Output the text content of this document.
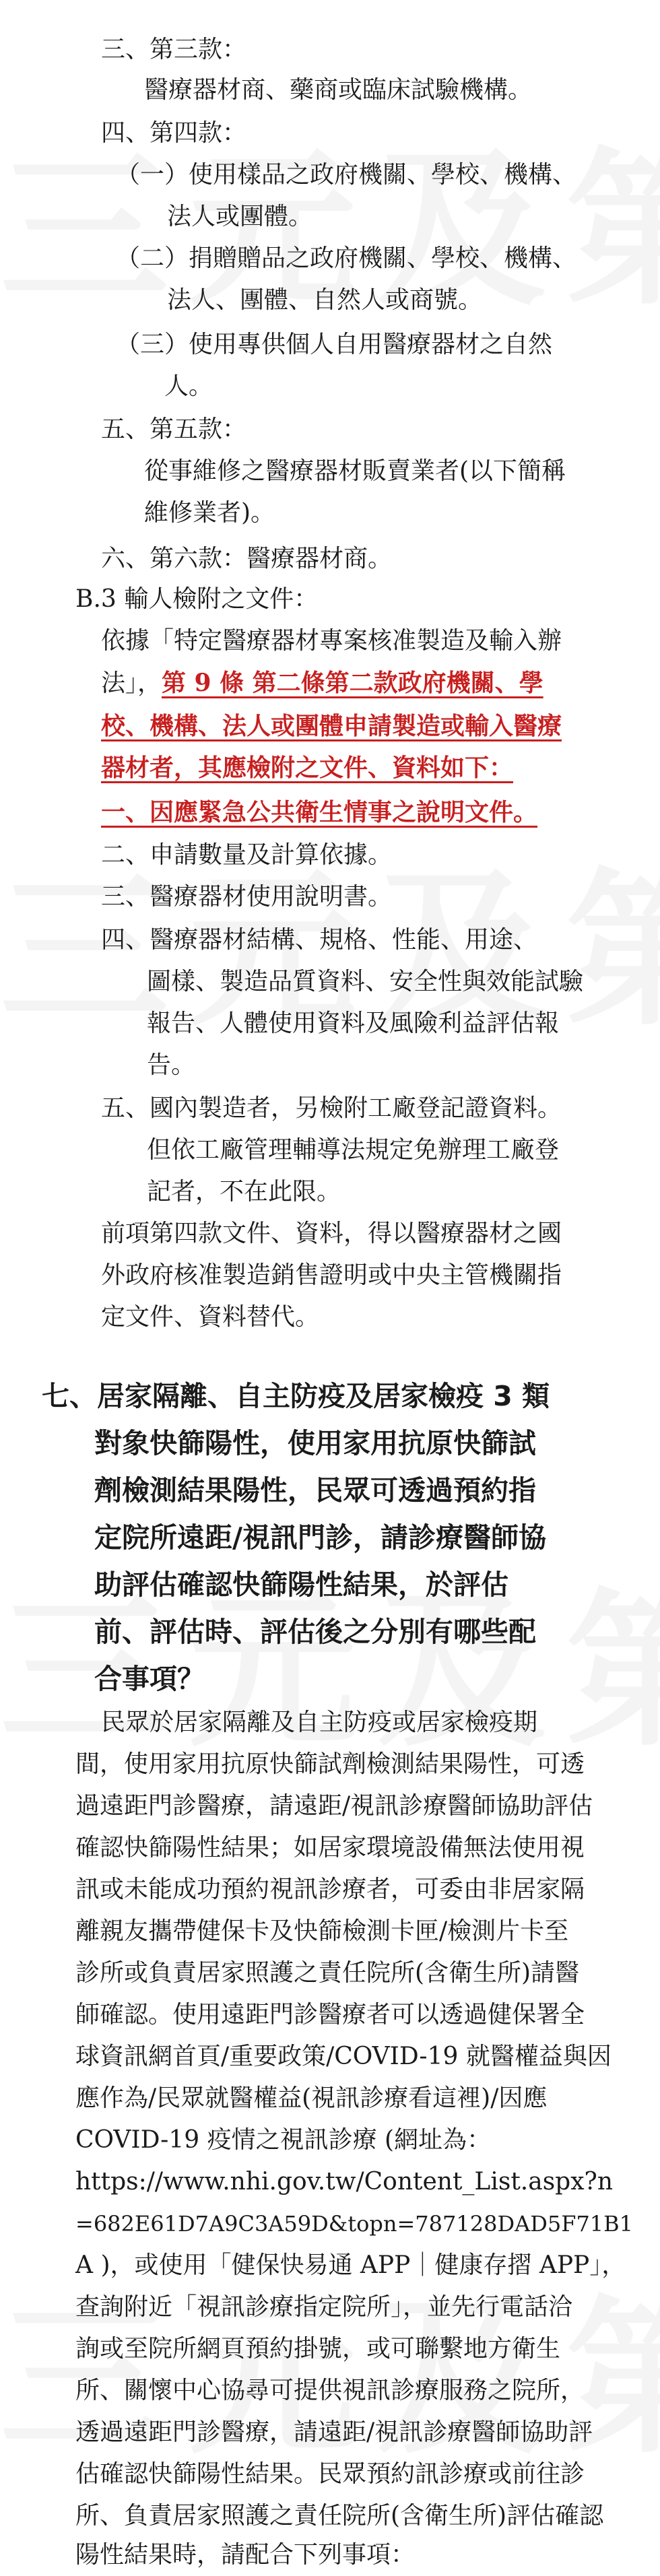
三、第三款：
醫療器材商、藥商或臨床試驗機構。
四、第四款：
（一）使用樣品之政府機關、學校、機構、
法人或團體。
（二）捐贈贈品之政府機關、學校、機構、
法人、團體、自然人或商號。
（三）使用專供個人自用醫療器材之自然
人。
五、第五款：
從事維修之醫療器材販賣業者(以下簡稱
維修業者)。
六、第六款：醫療器材商。
B.3 輸人檢附之文件：
依據「特定醫療器材專案核准製造及輸入辦
法」，第 9 條 第二條第二款政府機關、學
校、機構、法人或團體申請製造或輸入醫療
器材者，其應檢附之文件、資料如下：
一、因應緊急公共衛生情事之說明文件。
二、申請數量及計算依據。
三、醫療器材使用說明書。
四、醫療器材結構、規格、性能、用途、
圖樣、製造品質資料、安全性與效能試驗
報告、人體使用資料及風險利益評估報
告。
五、國內製造者，另檢附工廠登記證資料。
但依工廠管理輔導法規定免辦理工廠登
記者，不在此限。
前項第四款文件、資料，得以醫療器材之國
外政府核准製造銷售證明或中央主管機關指
定文件、資料替代。
七、居家隔離、自主防疫及居家檢疫 3 類
對象快篩陽性，使用家用抗原快篩試
劑檢測結果陽性，民眾可透過預約指
定院所遠距/視訊門診，請診療醫師協
助評估確認快篩陽性結果，於評估
前、評估時、評估後之分別有哪些配
合事項？
民眾於居家隔離及自主防疫或居家檢疫期
間，使用家用抗原快篩試劑檢測結果陽性，可透
過遠距門診醫療，請遠距/視訊診療醫師協助評估
確認快篩陽性結果；如居家環境設備無法使用視
訊或未能成功預約視訊診療者，可委由非居家隔
離親友攜帶健保卡及快篩檢測卡匣/檢測片卡至
診所或負責居家照護之責任院所(含衛生所)請醫
師確認。使用遠距門診醫療者可以透過健保署全
球資訊網首頁/重要政策/COVID-19 就醫權益與因
應作為/民眾就醫權益(視訊診療看這裡)/因應
COVID-19 疫情之視訊診療 (網址為：
https://www.nhi.gov.tw/Content_List.aspx?n
=682E61D7A9C3A59D&topn=787128DAD5F71B1
A )，或使用「健保快易通 APP｜健康存摺 APP」，
查詢附近「視訊診療指定院所」，並先行電話洽
詢或至院所網頁預約掛號，或可聯繫地方衛生
所、關懷中心協尋可提供視訊診療服務之院所，
透過遠距門診醫療，請遠距/視訊診療醫師協助評
估確認快篩陽性結果。民眾預約訊診療或前往診
所、負責居家照護之責任院所(含衛生所)評估確認
陽性結果時，請配合下列事項：
